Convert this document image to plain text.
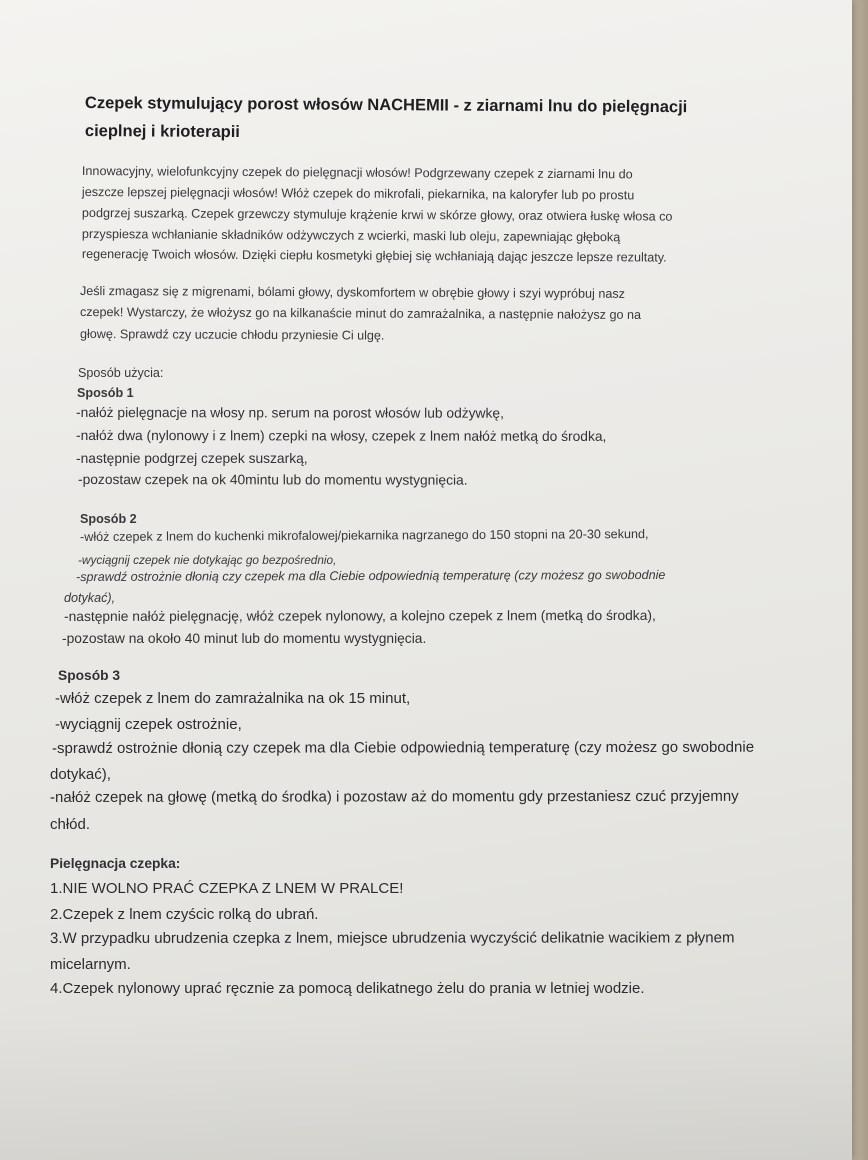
Czepek stymulujący porost włosów NACHEMII - z ziarnami lnu do pielęgnacji
cieplnej i krioterapii
Innowacyjny, wielofunkcyjny czepek do pielęgnacji włosów! Podgrzewany czepek z ziarnami lnu do
jeszcze lepszej pielęgnacji włosów! Włóż czepek do mikrofali, piekarnika, na kaloryfer lub po prostu
podgrzej suszarką. Czepek grzewczy stymuluje krążenie krwi w skórze głowy, oraz otwiera łuskę włosa co
przyspiesza wchłanianie składników odżywczych z wcierki, maski lub oleju, zapewniając głęboką
regenerację Twoich włosów. Dzięki ciepłu kosmetyki głębiej się wchłaniają dając jeszcze lepsze rezultaty.
Jeśli zmagasz się z migrenami, bólami głowy, dyskomfortem w obrębie głowy i szyi wypróbuj nasz
czepek! Wystarczy, że włożysz go na kilkanaście minut do zamrażalnika, a następnie nałożysz go na
głowę. Sprawdź czy uczucie chłodu przyniesie Ci ulgę.
Sposób użycia:
Sposób 1
-nałóż pielęgnacje na włosy np. serum na porost włosów lub odżywkę,
-nałóż dwa (nylonowy i z lnem) czepki na włosy, czepek z lnem nałóż metką do środka,
-następnie podgrzej czepek suszarką,
-pozostaw czepek na ok 40mintu lub do momentu wystygnięcia.
Sposób 2
-włóż czepek z lnem do kuchenki mikrofalowej/piekarnika nagrzanego do 150 stopni na 20-30 sekund,
-wyciągnij czepek nie dotykając go bezpośrednio,
-sprawdź ostrożnie dłonią czy czepek ma dla Ciebie odpowiednią temperaturę (czy możesz go swobodnie
dotykać),
-następnie nałóż pielęgnację, włóż czepek nylonowy, a kolejno czepek z lnem (metką do środka),
-pozostaw na około 40 minut lub do momentu wystygnięcia.
Sposób 3
-włóż czepek z lnem do zamrażalnika na ok 15 minut,
-wyciągnij czepek ostrożnie,
-sprawdź ostrożnie dłonią czy czepek ma dla Ciebie odpowiednią temperaturę (czy możesz go swobodnie
dotykać),
-nałóż czepek na głowę (metką do środka) i pozostaw aż do momentu gdy przestaniesz czuć przyjemny
chłód.
Pielęgnacja czepka:
1.NIE WOLNO PRAĆ CZEPKA Z LNEM W PRALCE!
2.Czepek z lnem czyścic rolką do ubrań.
3.W przypadku ubrudzenia czepka z lnem, miejsce ubrudzenia wyczyścić delikatnie wacikiem z płynem
micelarnym.
4.Czepek nylonowy uprać ręcznie za pomocą delikatnego żelu do prania w letniej wodzie.
